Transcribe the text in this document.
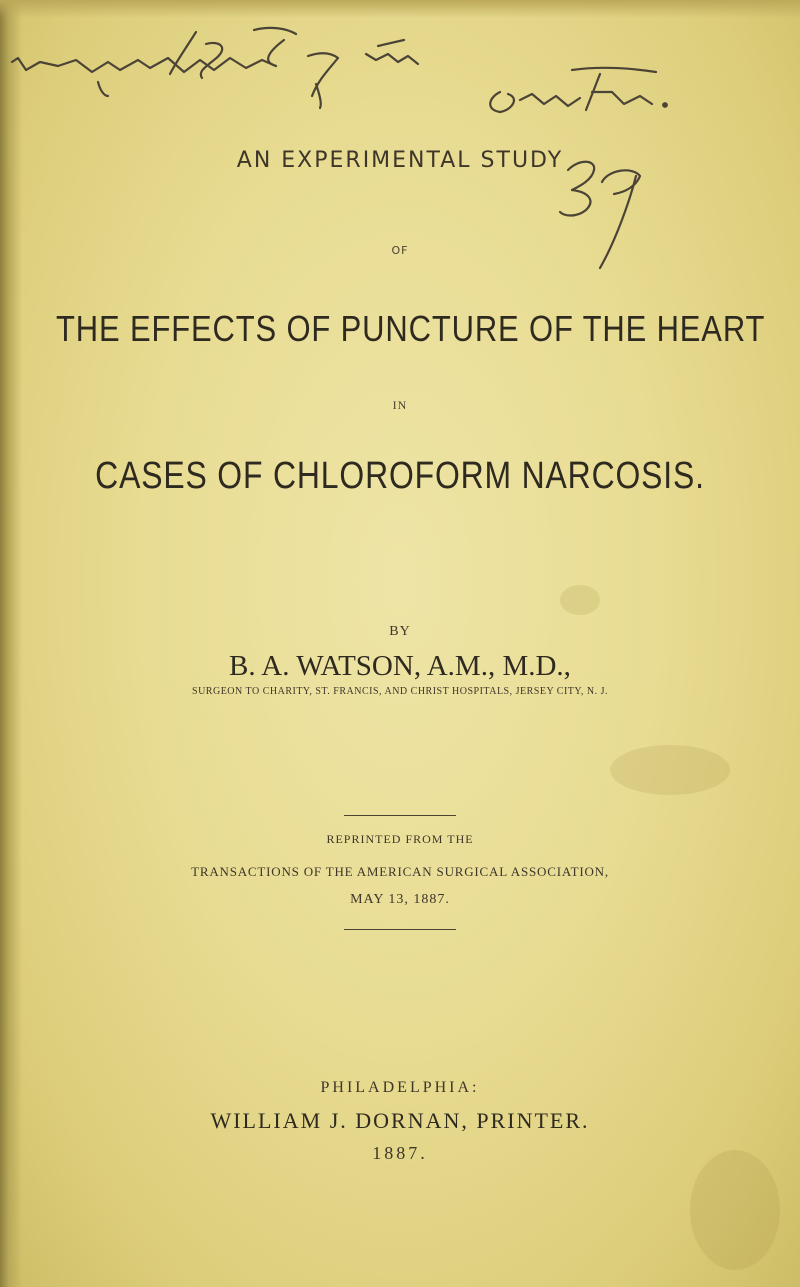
AN EXPERIMENTAL STUDY
OF
THE EFFECTS OF PUNCTURE OF THE HEART
IN
CASES OF CHLOROFORM NARCOSIS.
BY
B. A. WATSON, A.M., M.D.,
SURGEON TO CHARITY, ST. FRANCIS, AND CHRIST HOSPITALS, JERSEY CITY, N. J.
REPRINTED FROM THE
TRANSACTIONS OF THE AMERICAN SURGICAL ASSOCIATION,
MAY 13, 1887.
PHILADELPHIA:
WILLIAM J. DORNAN, PRINTER.
1887.
